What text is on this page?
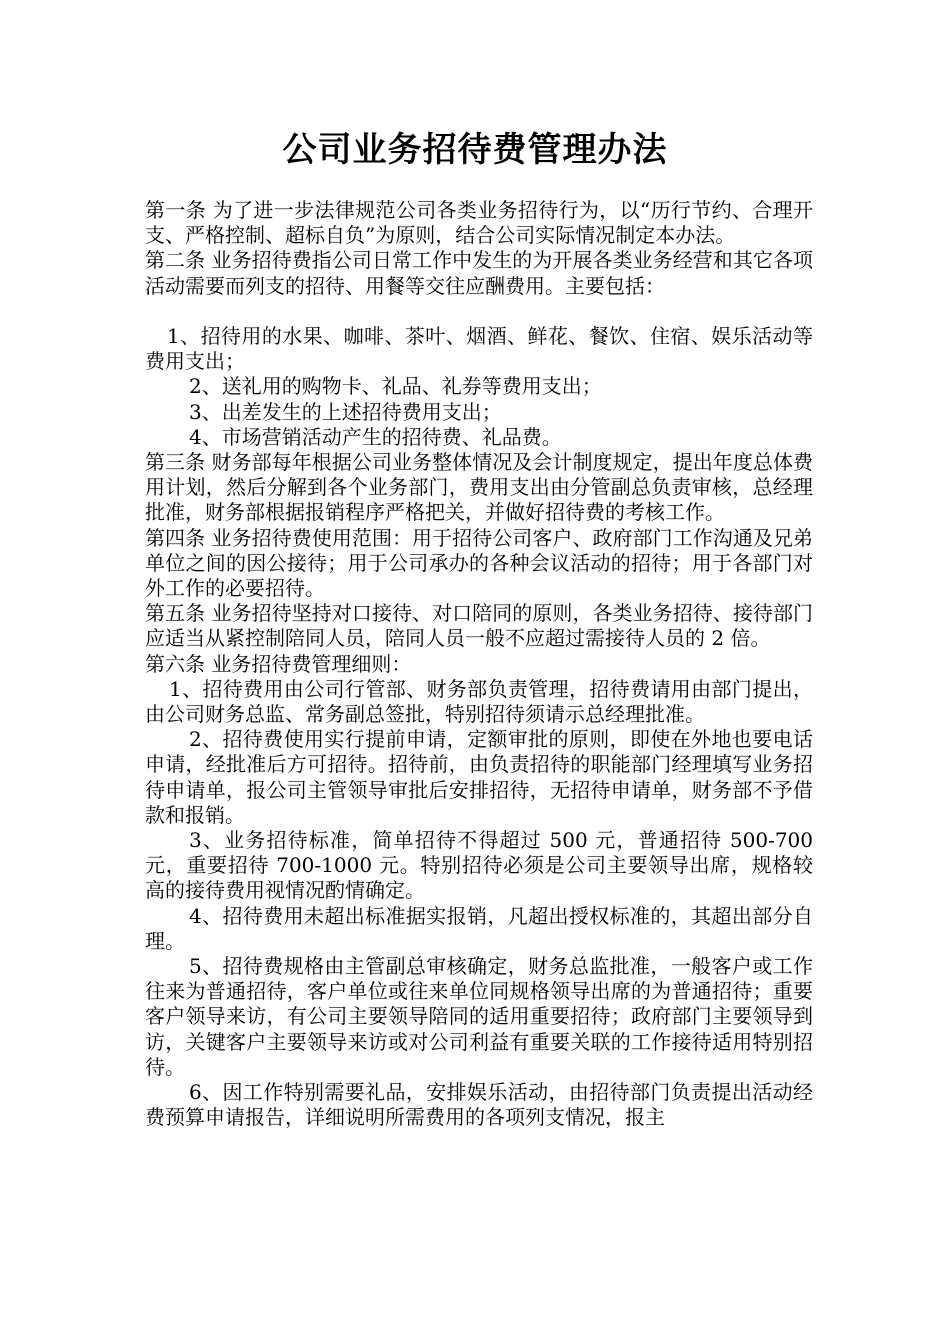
公司业务招待费管理办法

第一条 为了进一步法律规范公司各类业务招待行为，以“历行节约、合理开支、严格控制、超标自负”为原则，结合公司实际情况制定本办法。

第二条 业务招待费指公司日常工作中发生的为开展各类业务经营和其它各项活动需要而列支的招待、用餐等交往应酬费用。主要包括：

1、招待用的水果、咖啡、茶叶、烟酒、鲜花、餐饮、住宿、娱乐活动等费用支出；

2、送礼用的购物卡、礼品、礼券等费用支出；

3、出差发生的上述招待费用支出；

4、市场营销活动产生的招待费、礼品费。

第三条 财务部每年根据公司业务整体情况及会计制度规定，提出年度总体费用计划，然后分解到各个业务部门，费用支出由分管副总负责审核，总经理批准，财务部根据报销程序严格把关，并做好招待费的考核工作。

第四条 业务招待费使用范围：用于招待公司客户、政府部门工作沟通及兄弟单位之间的因公接待；用于公司承办的各种会议活动的招待；用于各部门对外工作的必要招待。

第五条 业务招待坚持对口接待、对口陪同的原则，各类业务招待、接待部门应适当从紧控制陪同人员，陪同人员一般不应超过需接待人员的 2 倍。

第六条 业务招待费管理细则：

1、招待费用由公司行管部、财务部负责管理，招待费请用由部门提出，由公司财务总监、常务副总签批，特别招待须请示总经理批准。

2、招待费使用实行提前申请，定额审批的原则，即使在外地也要电话申请，经批准后方可招待。招待前，由负责招待的职能部门经理填写业务招待申请单，报公司主管领导审批后安排招待，无招待申请单，财务部不予借款和报销。

3、业务招待标准，简单招待不得超过 500 元，普通招待 500-700 元，重要招待 700-1000 元。特别招待必须是公司主要领导出席，规格较高的接待费用视情况酌情确定。

4、招待费用未超出标准据实报销，凡超出授权标准的，其超出部分自理。

5、招待费规格由主管副总审核确定，财务总监批准，一般客户或工作往来为普通招待，客户单位或往来单位同规格领导出席的为普通招待；重要客户领导来访，有公司主要领导陪同的适用重要招待；政府部门主要领导到访，关键客户主要领导来访或对公司利益有重要关联的工作接待适用特别招待。

6、因工作特别需要礼品，安排娱乐活动，由招待部门负责提出活动经费预算申请报告，详细说明所需费用的各项列支情况，报主
